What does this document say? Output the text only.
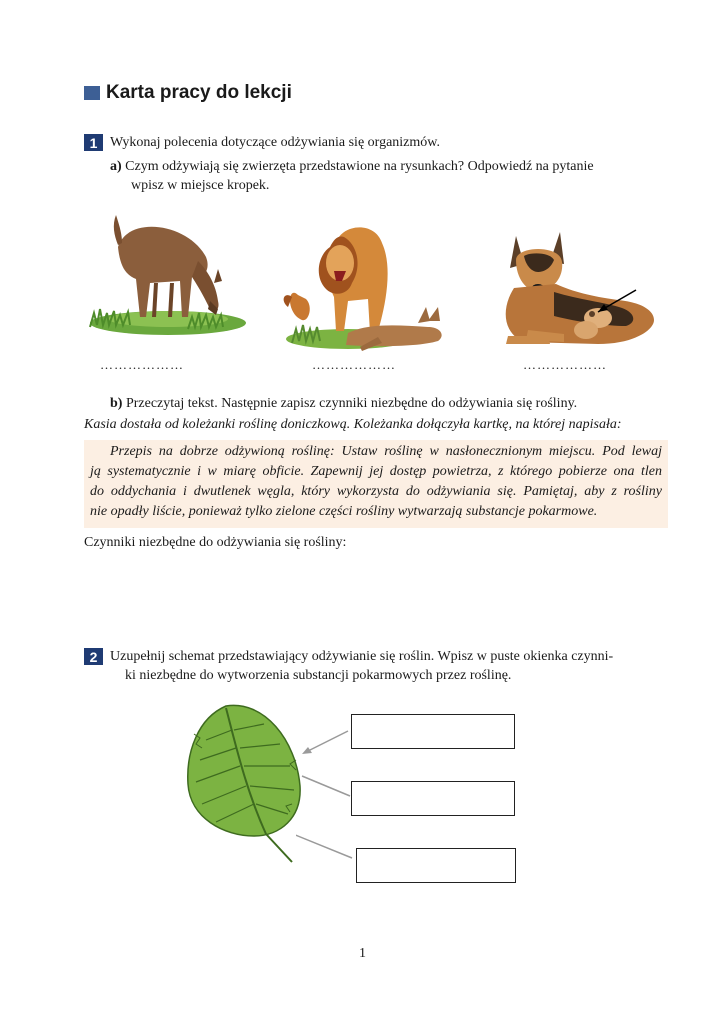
Karta pracy do lekcji
1 Wykonaj polecenia dotyczące odżywiania się organizmów.
a) Czym odżywiają się zwierzęta przedstawione na rysunkach? Odpowiedź na pytanie
wpisz w miejsce kropek.
………………	………………	………………
b) Przeczytaj tekst. Następnie zapisz czynniki niezbędne do odżywiania się rośliny.
Kasia dostała od koleżanki roślinę doniczkową. Koleżanka dołączyła kartkę, na której napisała:
Przepis na dobrze odżywioną roślinę: Ustaw roślinę w nasłonecznionym miejscu. Pod lewaj
ją systematycznie i w miarę obficie. Zapewnij jej dostęp powietrza, z którego pobierze ona tlen
do oddychania i dwutlenek węgla, który wykorzysta do odżywiania się. Pamiętaj, aby z rośliny
nie opadły liście, ponieważ tylko zielone części rośliny wytwarzają substancje pokarmowe.
Czynniki niezbędne do odżywiania się rośliny:
2 Uzupełnij schemat przedstawiający odżywianie się roślin. Wpisz w puste okienka czynni-
ki niezbędne do wytworzenia substancji pokarmowych przez roślinę.
1
